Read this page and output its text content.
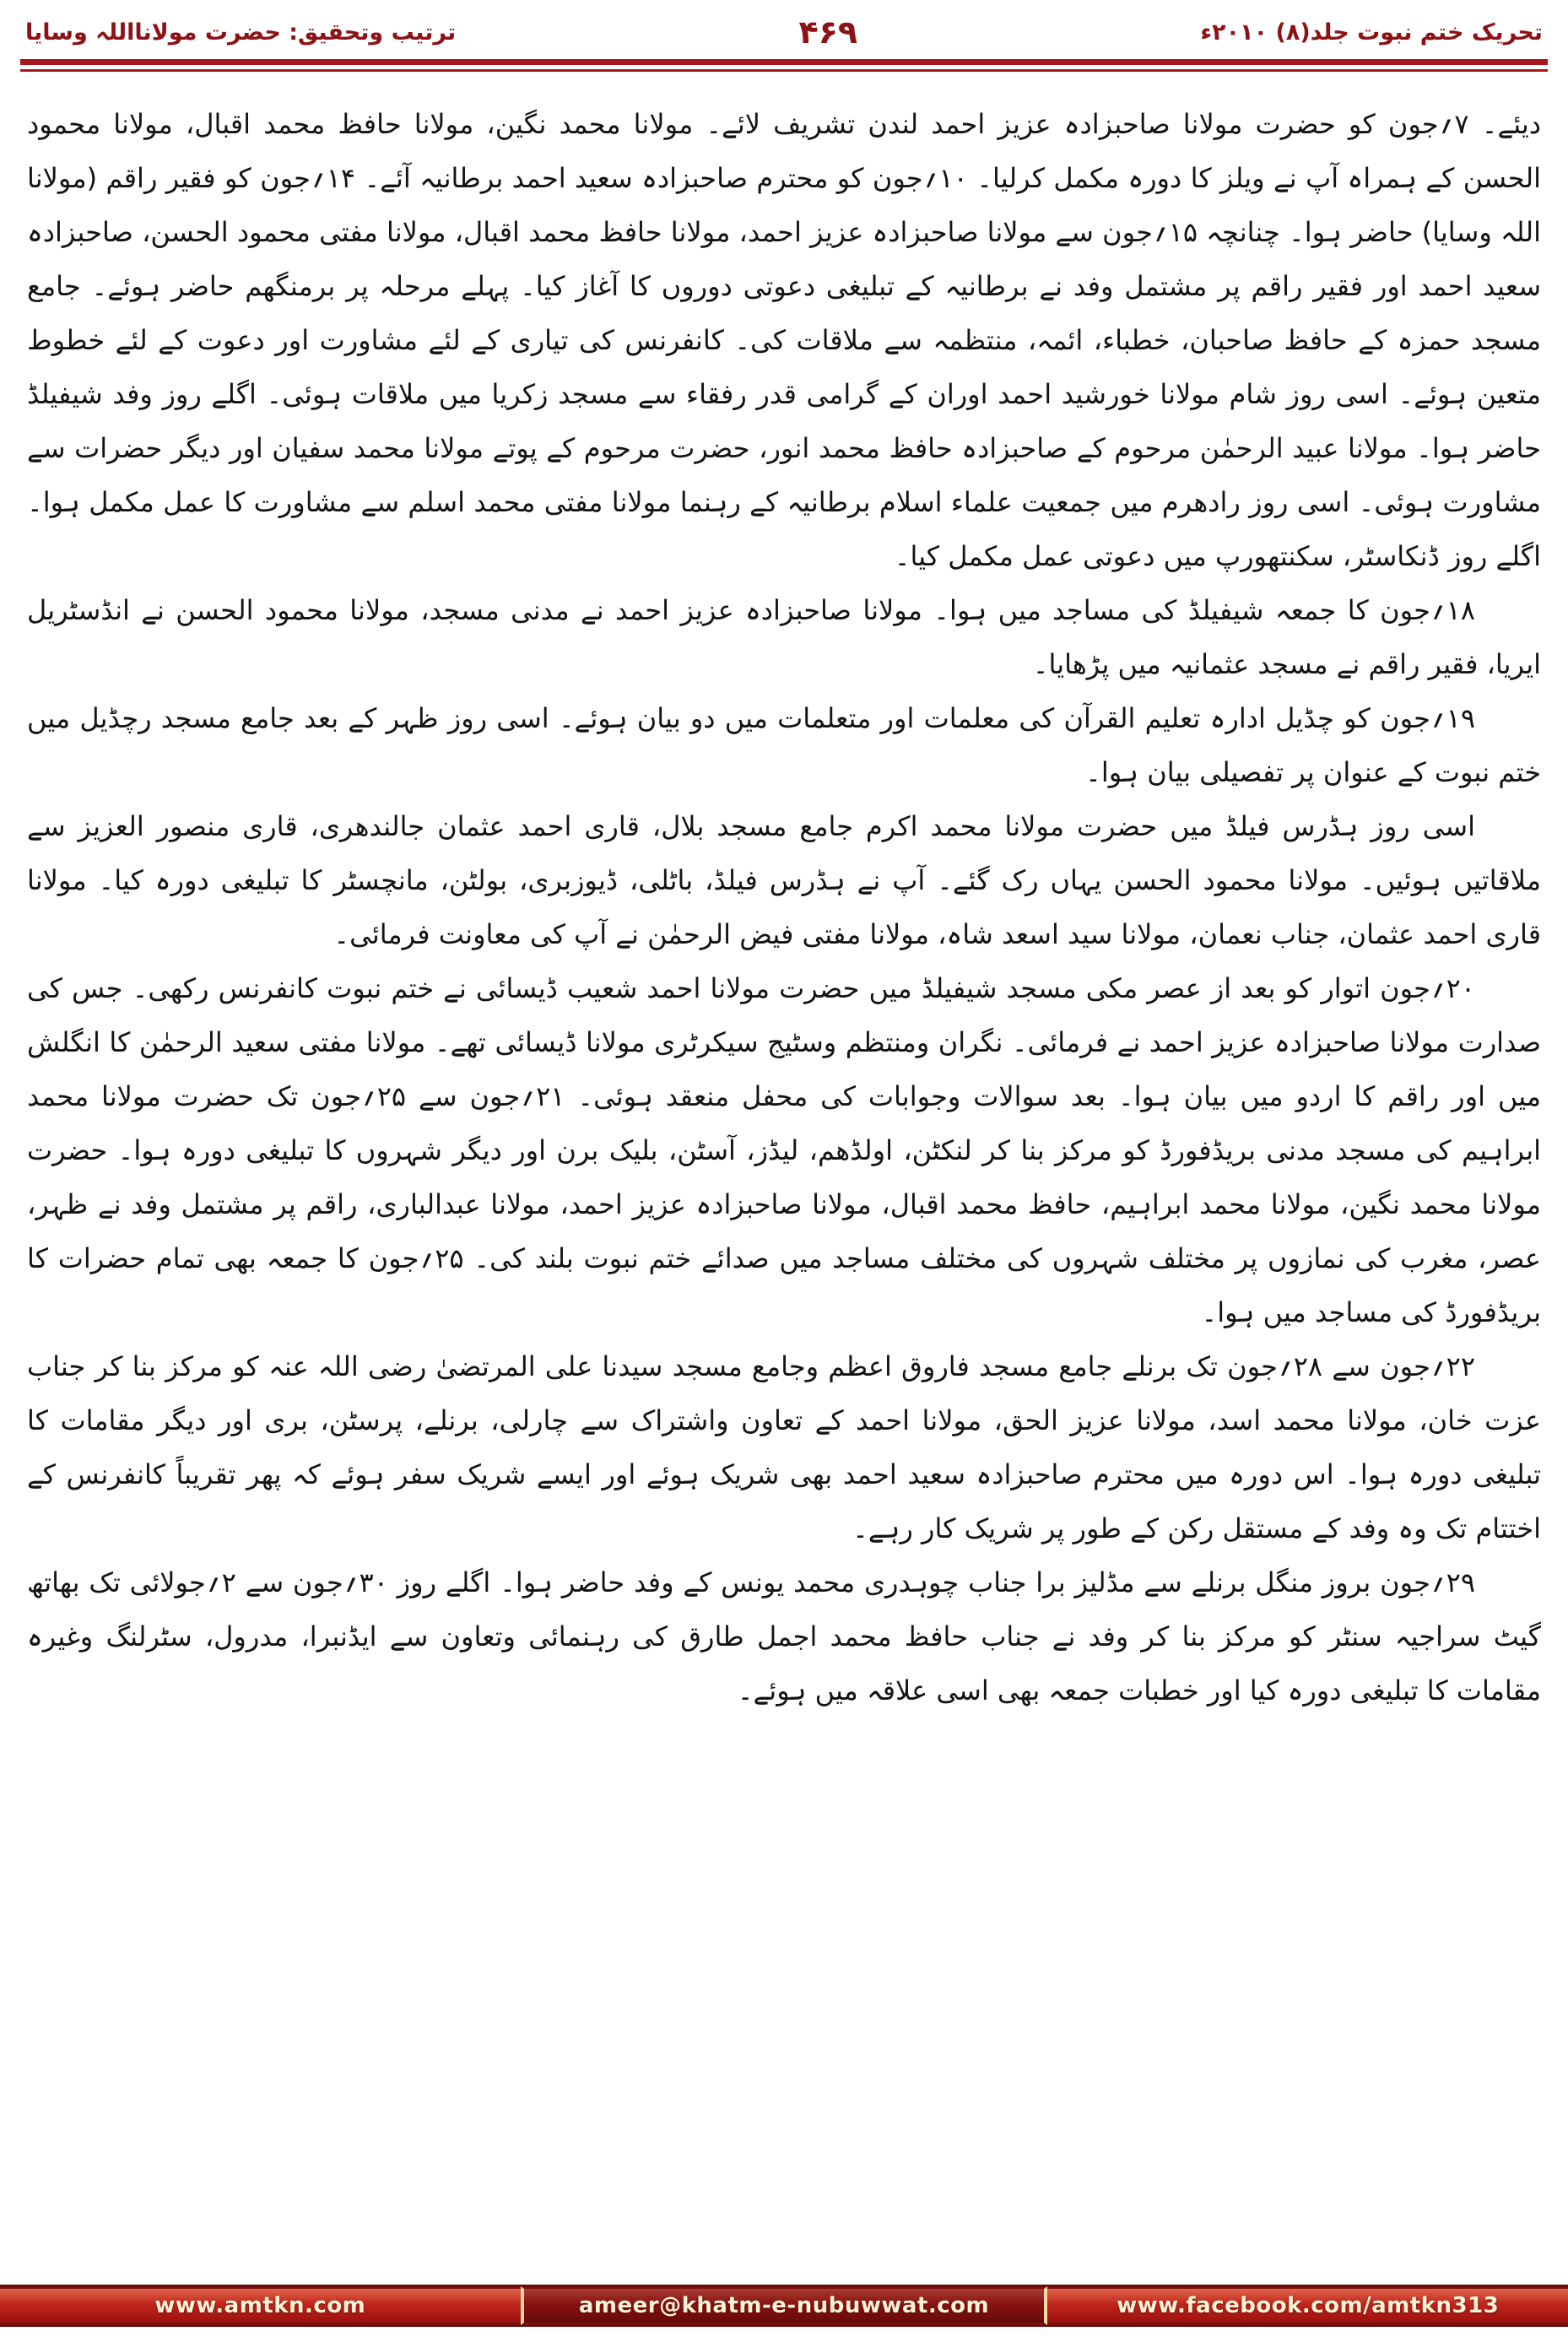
تحریک ختم نبوت جلد(۸) ۲۰۱۰ء
۴۶۹
ترتیب وتحقیق: حضرت مولانااللہ وسایا

دیئے۔ ۷؍جون کو حضرت مولانا صاحبزادہ عزیز احمد لندن تشریف لائے۔ مولانا محمد نگین، مولانا حافظ محمد اقبال، مولانا محمود الحسن کے ہمراہ آپ نے ویلز کا دورہ مکمل کرلیا۔ ۱۰؍جون کو محترم صاحبزادہ سعید احمد برطانیہ آئے۔ ۱۴؍جون کو فقیر راقم (مولانا اللہ وسایا) حاضر ہوا۔ چنانچہ ۱۵؍جون سے مولانا صاحبزادہ عزیز احمد، مولانا حافظ محمد اقبال، مولانا مفتی محمود الحسن، صاحبزادہ سعید احمد اور فقیر راقم پر مشتمل وفد نے برطانیہ کے تبلیغی دعوتی دوروں کا آغاز کیا۔ پہلے مرحلہ پر برمنگھم حاضر ہوئے۔ جامع مسجد حمزہ کے حافظ صاحبان، خطباء، ائمہ، منتظمہ سے ملاقات کی۔ کانفرنس کی تیاری کے لئے مشاورت اور دعوت کے لئے خطوط متعین ہوئے۔ اسی روز شام مولانا خورشید احمد اوران کے گرامی قدر رفقاء سے مسجد زکریا میں ملاقات ہوئی۔ اگلے روز وفد شیفیلڈ حاضر ہوا۔ مولانا عبید الرحمٰن مرحوم کے صاحبزادہ حافظ محمد انور، حضرت مرحوم کے پوتے مولانا محمد سفیان اور دیگر حضرات سے مشاورت ہوئی۔ اسی روز رادھرم میں جمعیت علماء اسلام برطانیہ کے رہنما مولانا مفتی محمد اسلم سے مشاورت کا عمل مکمل ہوا۔ اگلے روز ڈنکاسٹر، سکنتھورپ میں دعوتی عمل مکمل کیا۔

۱۸؍جون کا جمعہ شیفیلڈ کی مساجد میں ہوا۔ مولانا صاحبزادہ عزیز احمد نے مدنی مسجد، مولانا محمود الحسن نے انڈسٹریل ایریا، فقیر راقم نے مسجد عثمانیہ میں پڑھایا۔

۱۹؍جون کو چڈیل ادارہ تعلیم القرآن کی معلمات اور متعلمات میں دو بیان ہوئے۔ اسی روز ظہر کے بعد جامع مسجد رچڈیل میں ختم نبوت کے عنوان پر تفصیلی بیان ہوا۔

اسی روز ہڈرس فیلڈ میں حضرت مولانا محمد اکرم جامع مسجد بلال، قاری احمد عثمان جالندھری، قاری منصور العزیز سے ملاقاتیں ہوئیں۔ مولانا محمود الحسن یہاں رک گئے۔ آپ نے ہڈرس فیلڈ، باٹلی، ڈیوزبری، بولٹن، مانچسٹر کا تبلیغی دورہ کیا۔ مولانا قاری احمد عثمان، جناب نعمان، مولانا سید اسعد شاہ، مولانا مفتی فیض الرحمٰن نے آپ کی معاونت فرمائی۔

۲۰؍جون اتوار کو بعد از عصر مکی مسجد شیفیلڈ میں حضرت مولانا احمد شعیب ڈیسائی نے ختم نبوت کانفرنس رکھی۔ جس کی صدارت مولانا صاحبزادہ عزیز احمد نے فرمائی۔ نگران ومنتظم وسٹیج سیکرٹری مولانا ڈیسائی تھے۔ مولانا مفتی سعید الرحمٰن کا انگلش میں اور راقم کا اردو میں بیان ہوا۔ بعد سوالات وجوابات کی محفل منعقد ہوئی۔ ۲۱؍جون سے ۲۵؍جون تک حضرت مولانا محمد ابراہیم کی مسجد مدنی بریڈفورڈ کو مرکز بنا کر لنکٹن، اولڈھم، لیڈز، آسٹن، بلیک برن اور دیگر شہروں کا تبلیغی دورہ ہوا۔ حضرت مولانا محمد نگین، مولانا محمد ابراہیم، حافظ محمد اقبال، مولانا صاحبزادہ عزیز احمد، مولانا عبدالباری، راقم پر مشتمل وفد نے ظہر، عصر، مغرب کی نمازوں پر مختلف شہروں کی مختلف مساجد میں صدائے ختم نبوت بلند کی۔ ۲۵؍جون کا جمعہ بھی تمام حضرات کا بریڈفورڈ کی مساجد میں ہوا۔

۲۲؍جون سے ۲۸؍جون تک برنلے جامع مسجد فاروق اعظم وجامع مسجد سیدنا علی المرتضیٰ رضی اللہ عنہ کو مرکز بنا کر جناب عزت خان، مولانا محمد اسد، مولانا عزیز الحق، مولانا احمد کے تعاون واشتراک سے چارلی، برنلے، پرسٹن، بری اور دیگر مقامات کا تبلیغی دورہ ہوا۔ اس دورہ میں محترم صاحبزادہ سعید احمد بھی شریک ہوئے اور ایسے شریک سفر ہوئے کہ پھر تقریباً کانفرنس کے اختتام تک وہ وفد کے مستقل رکن کے طور پر شریک کار رہے۔

۲۹؍جون بروز منگل برنلے سے مڈلیز برا جناب چوہدری محمد یونس کے وفد حاضر ہوا۔ اگلے روز ۳۰؍جون سے ۲؍جولائی تک بھاتھ گیٹ سراجیہ سنٹر کو مرکز بنا کر وفد نے جناب حافظ محمد اجمل طارق کی رہنمائی وتعاون سے ایڈنبرا، مدرول، سٹرلنگ وغیرہ مقامات کا تبلیغی دورہ کیا اور خطبات جمعہ بھی اسی علاقہ میں ہوئے۔

www.amtkn.com	ameer@khatm-e-nubuwwat.com	www.facebook.com/amtkn313
